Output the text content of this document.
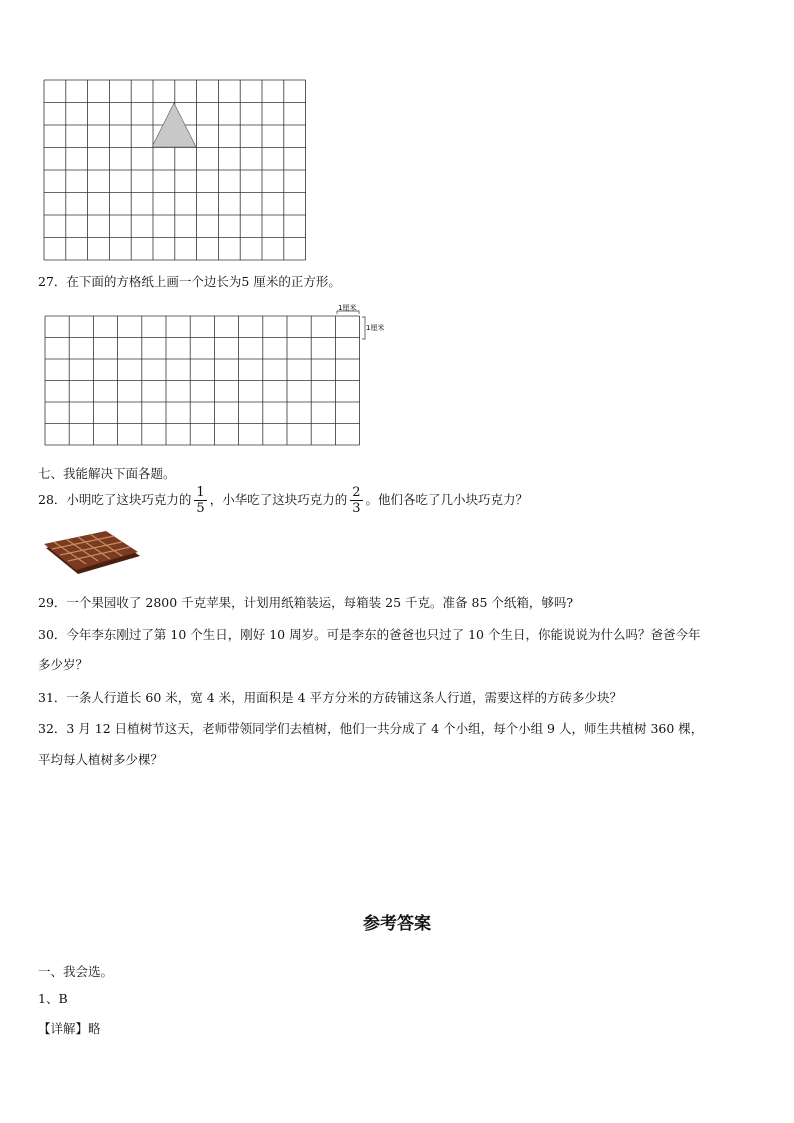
27．在下面的方格纸上画一个边长为5 厘米的正方形。
1厘米
1厘米
七、我能解决下面各题。
28．小明吃了这块巧克力的 $\frac{1}{5}$ ，小华吃了这块巧克力的 $\frac{2}{3}$ 。他们各吃了几小块巧克力？
29．一个果园收了 2800 千克苹果，计划用纸箱装运，每箱装 25 千克。准备 85 个纸箱，够吗?
30．今年李东刚过了第 10 个生日，刚好 10 周岁。可是李东的爸爸也只过了 10 个生日，你能说说为什么吗？爸爸今年
多少岁？
31．一条人行道长 60 米，宽 4 米，用面积是 4 平方分米的方砖铺这条人行道，需要这样的方砖多少块？
32．3 月 12 日植树节这天，老师带领同学们去植树，他们一共分成了 4 个小组，每个小组 9 人，师生共植树 360 棵，
平均每人植树多少棵？
参考答案
一、我会选。
1、B
【详解】略
